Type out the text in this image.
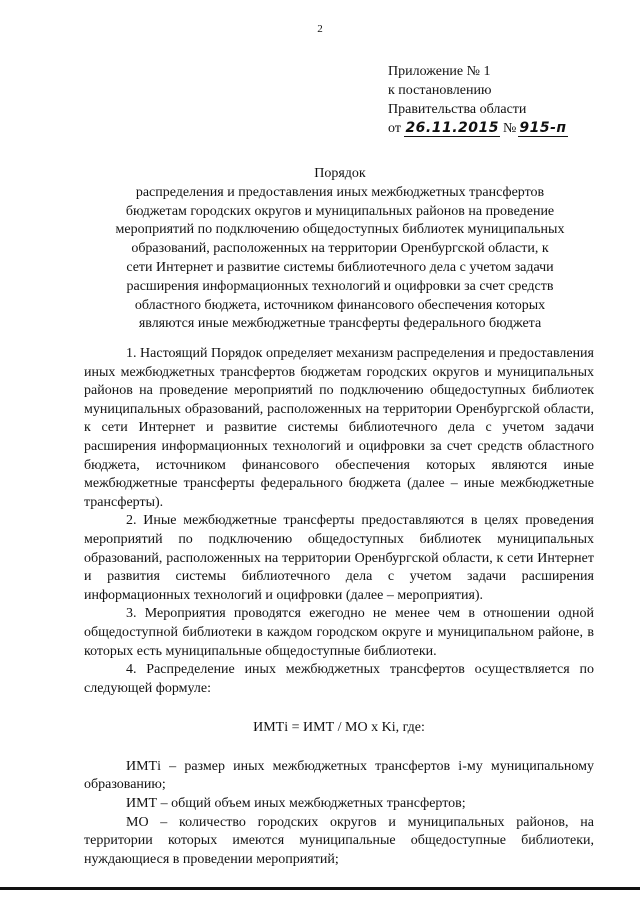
2
Приложение № 1
к постановлению
Правительства области
от 26.11.2015 № 915-п
Порядок
распределения и предоставления иных межбюджетных трансфертов
бюджетам городских округов и муниципальных районов на проведение
мероприятий по подключению общедоступных библиотек муниципальных
образований, расположенных на территории Оренбургской области, к
сети Интернет и развитие системы библиотечного дела с учетом задачи
расширения информационных технологий и оцифровки за счет средств
областного бюджета, источником финансового обеспечения которых
являются иные межбюджетные трансферты федерального бюджета

1. Настоящий Порядок определяет механизм распределения и предоставления иных межбюджетных трансфертов бюджетам городских округов и муниципальных районов на проведение мероприятий по подключению общедоступных библиотек муниципальных образований, расположенных на территории Оренбургской области, к сети Интернет и развитие системы библиотечного дела с учетом задачи расширения информационных технологий и оцифровки за счет средств областного бюджета, источником финансового обеспечения которых являются иные межбюджетные трансферты федерального бюджета (далее – иные межбюджетные трансферты).

2. Иные межбюджетные трансферты предоставляются в целях проведения мероприятий по подключению общедоступных библиотек муниципальных образований, расположенных на территории Оренбургской области, к сети Интернет и развития системы библиотечного дела с учетом задачи расширения информационных технологий и оцифровки (далее – мероприятия).

3. Мероприятия проводятся ежегодно не менее чем в отношении одной общедоступной библиотеки в каждом городском округе и муниципальном районе, в которых есть муниципальные общедоступные библиотеки.

4. Распределение иных межбюджетных трансфертов осуществляется по следующей формуле:

ИМТi = ИМТ / МО x Ki, где:

ИМТi – размер иных межбюджетных трансфертов i-му муниципальному образованию;

ИМТ – общий объем иных межбюджетных трансфертов;

МО – количество городских округов и муниципальных районов, на территории которых имеются муниципальные общедоступные библиотеки, нуждающиеся в проведении мероприятий;
